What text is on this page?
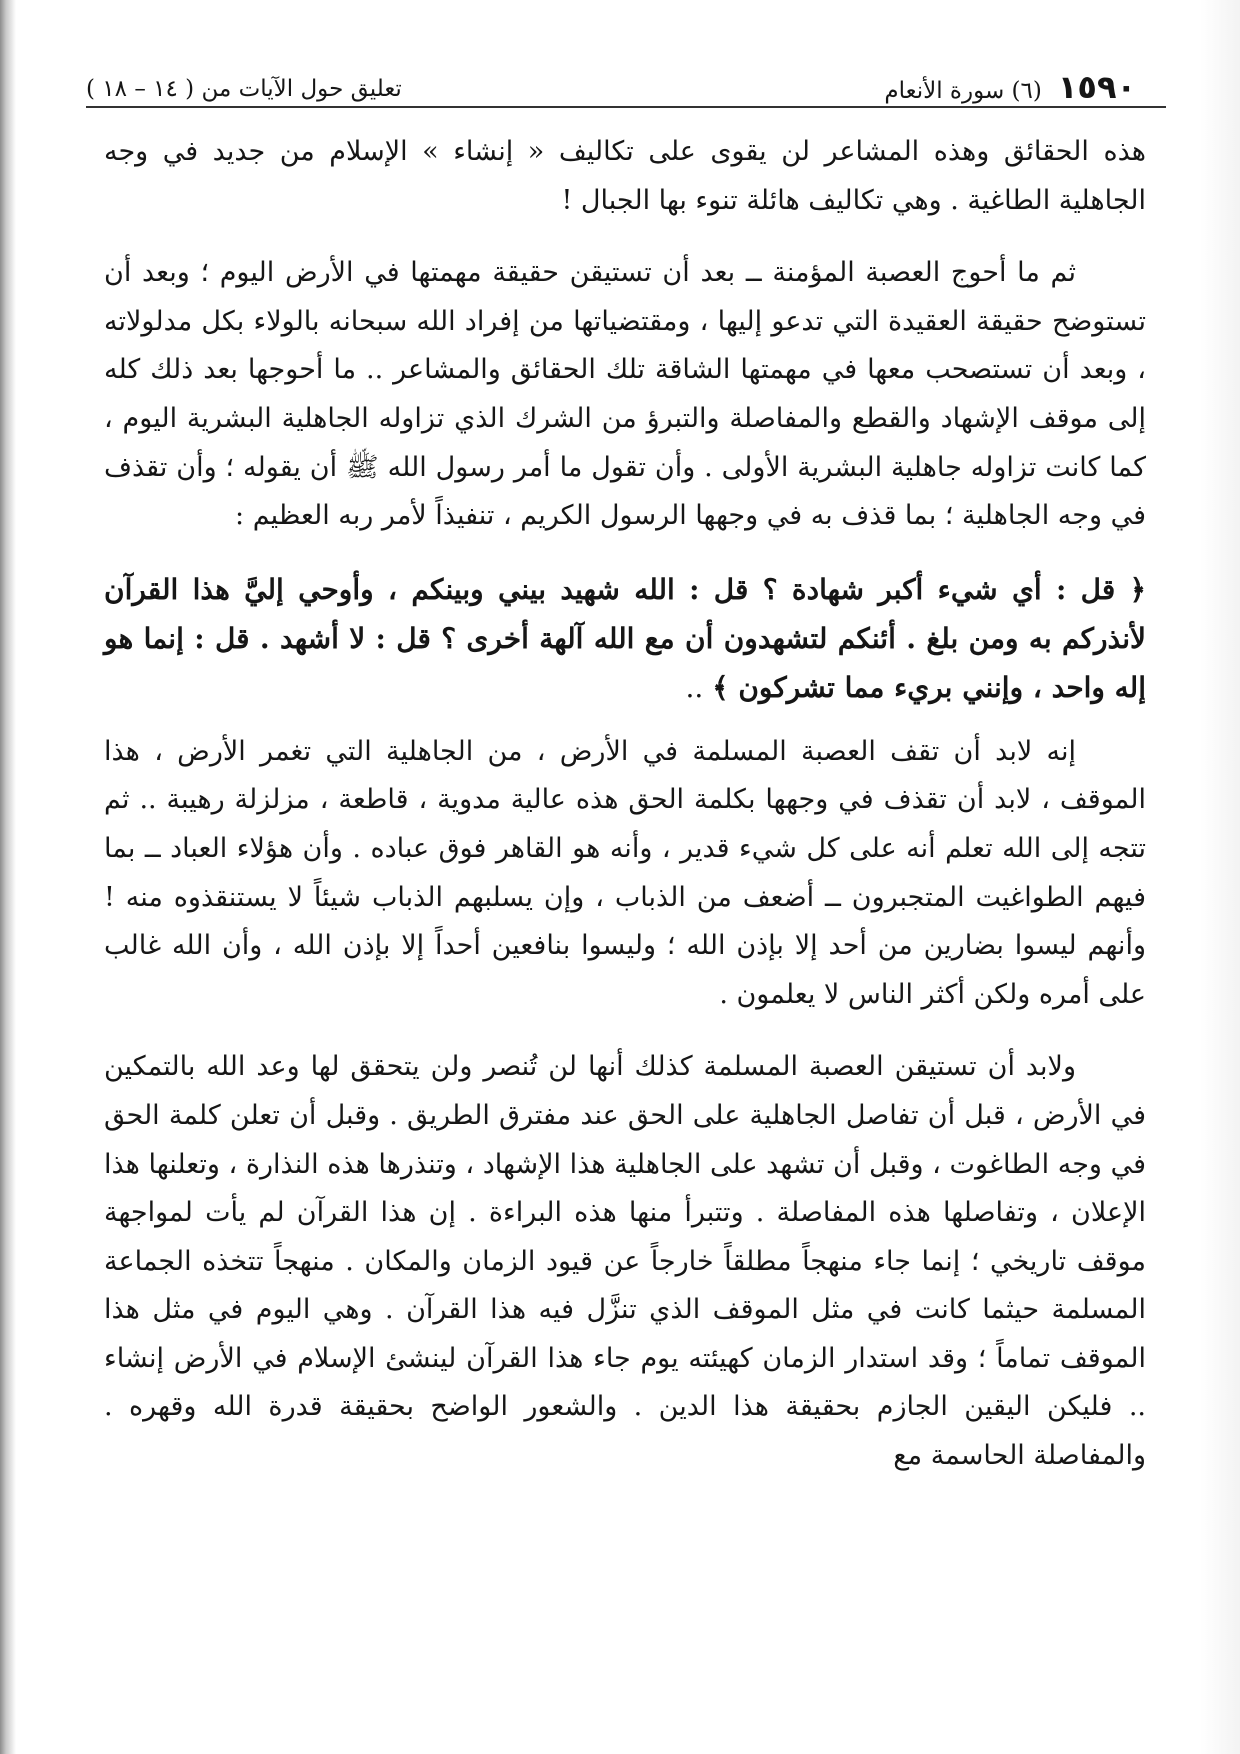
١٥٩٠
(٦) سورة الأنعام
تعليق حول الآيات من ( ١٤ – ١٨ )

هذه الحقائق وهذه المشاعر لن يقوى على تكاليف « إنشاء » الإسلام من جديد في وجه الجاهلية الطاغية . وهي تكاليف هائلة تنوء بها الجبال !

ثم ما أحوج العصبة المؤمنة ــ بعد أن تستيقن حقيقة مهمتها في الأرض اليوم ؛ وبعد أن تستوضح حقيقة العقيدة التي تدعو إليها ، ومقتضياتها من إفراد الله سبحانه بالولاء بكل مدلولاته ، وبعد أن تستصحب معها في مهمتها الشاقة تلك الحقائق والمشاعر .. ما أحوجها بعد ذلك كله إلى موقف الإشهاد والقطع والمفاصلة والتبرؤ من الشرك الذي تزاوله الجاهلية البشرية اليوم ، كما كانت تزاوله جاهلية البشرية الأولى . وأن تقول ما أمر رسول الله ﷺ أن يقوله ؛ وأن تقذف في وجه الجاهلية ؛ بما قذف به في وجهها الرسول الكريم ، تنفيذاً لأمر ربه العظيم :

﴿ قل : أي شيء أكبر شهادة ؟ قل : الله شهيد بيني وبينكم ، وأوحي إليَّ هذا القرآن لأنذركم به ومن بلغ . أئنكم لتشهدون أن مع الله آلهة أخرى ؟ قل : لا أشهد . قل : إنما هو إله واحد ، وإنني بريء مما تشركون ﴾ ..

إنه لابد أن تقف العصبة المسلمة في الأرض ، من الجاهلية التي تغمر الأرض ، هذا الموقف ، لابد أن تقذف في وجهها بكلمة الحق هذه عالية مدوية ، قاطعة ، مزلزلة رهيبة .. ثم تتجه إلى الله تعلم أنه على كل شيء قدير ، وأنه هو القاهر فوق عباده . وأن هؤلاء العباد ــ بما فيهم الطواغيت المتجبرون ــ أضعف من الذباب ، وإن يسلبهم الذباب شيئاً لا يستنقذوه منه ! وأنهم ليسوا بضارين من أحد إلا بإذن الله ؛ وليسوا بنافعين أحداً إلا بإذن الله ، وأن الله غالب على أمره ولكن أكثر الناس لا يعلمون .

ولابد أن تستيقن العصبة المسلمة كذلك أنها لن تُنصر ولن يتحقق لها وعد الله بالتمكين في الأرض ، قبل أن تفاصل الجاهلية على الحق عند مفترق الطريق . وقبل أن تعلن كلمة الحق في وجه الطاغوت ، وقبل أن تشهد على الجاهلية هذا الإشهاد ، وتنذرها هذه النذارة ، وتعلنها هذا الإعلان ، وتفاصلها هذه المفاصلة . وتتبرأ منها هذه البراءة . إن هذا القرآن لم يأت لمواجهة موقف تاريخي ؛ إنما جاء منهجاً مطلقاً خارجاً عن قيود الزمان والمكان . منهجاً تتخذه الجماعة المسلمة حيثما كانت في مثل الموقف الذي تنزَّل فيه هذا القرآن . وهي اليوم في مثل هذا الموقف تماماً ؛ وقد استدار الزمان كهيئته يوم جاء هذا القرآن لينشئ الإسلام في الأرض إنشاء .. فليكن اليقين الجازم بحقيقة هذا الدين . والشعور الواضح بحقيقة قدرة الله وقهره . والمفاصلة الحاسمة مع
